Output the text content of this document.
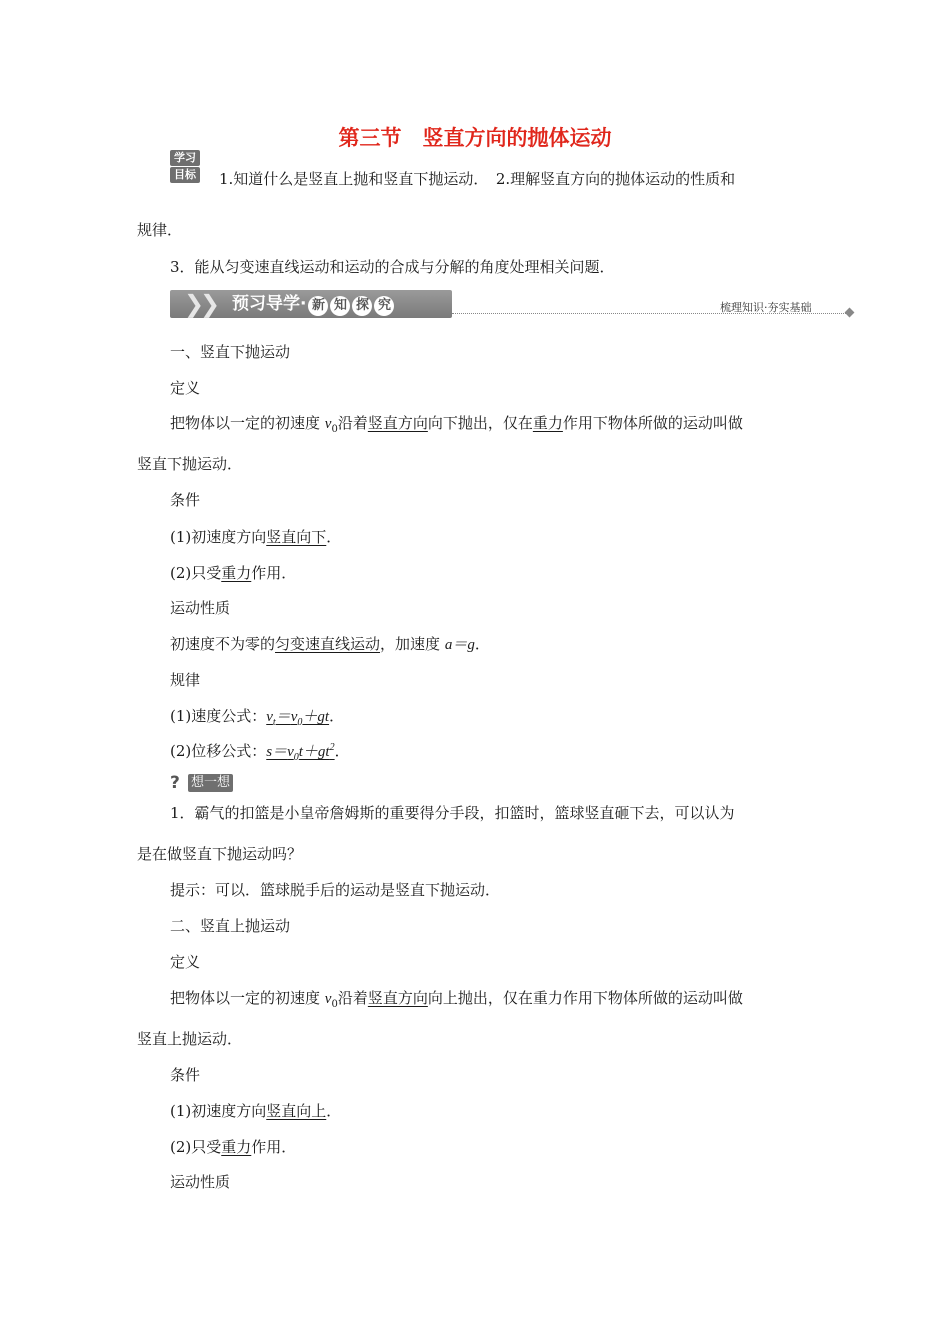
第三节　竖直方向的抛体运动
学习
目标 1.知道什么是竖直上抛和竖直下抛运动．　2.理解竖直方向的抛体运动的性质和
规律．
3．能从匀变速直线运动和运动的合成与分解的角度处理相关问题．
❯
❯ 预习导学· 新 知 探 究	梳理知识·夯实基础
一、竖直下抛运动
定义
把物体以一定的初速度 $v_0$沿着竖直方向向下抛出，仅在重力作用下物体所做的运动叫做
竖直下抛运动．
条件
(1)初速度方向竖直向下．
(2)只受重力作用．
运动性质
初速度不为零的匀变速直线运动，加速度 a＝g．
规律
(1)速度公式：$v_t=v_0+gt$．
(2)位移公式：$s=v_0t+gt^2$．
? 想一想
1．霸气的扣篮是小皇帝詹姆斯的重要得分手段，扣篮时，篮球竖直砸下去，可以认为
是在做竖直下抛运动吗？
提示：可以．篮球脱手后的运动是竖直下抛运动．
二、竖直上抛运动
定义
把物体以一定的初速度 $v_0$沿着竖直方向向上抛出，仅在重力作用下物体所做的运动叫做
竖直上抛运动．
条件
(1)初速度方向竖直向上．
(2)只受重力作用．
运动性质
